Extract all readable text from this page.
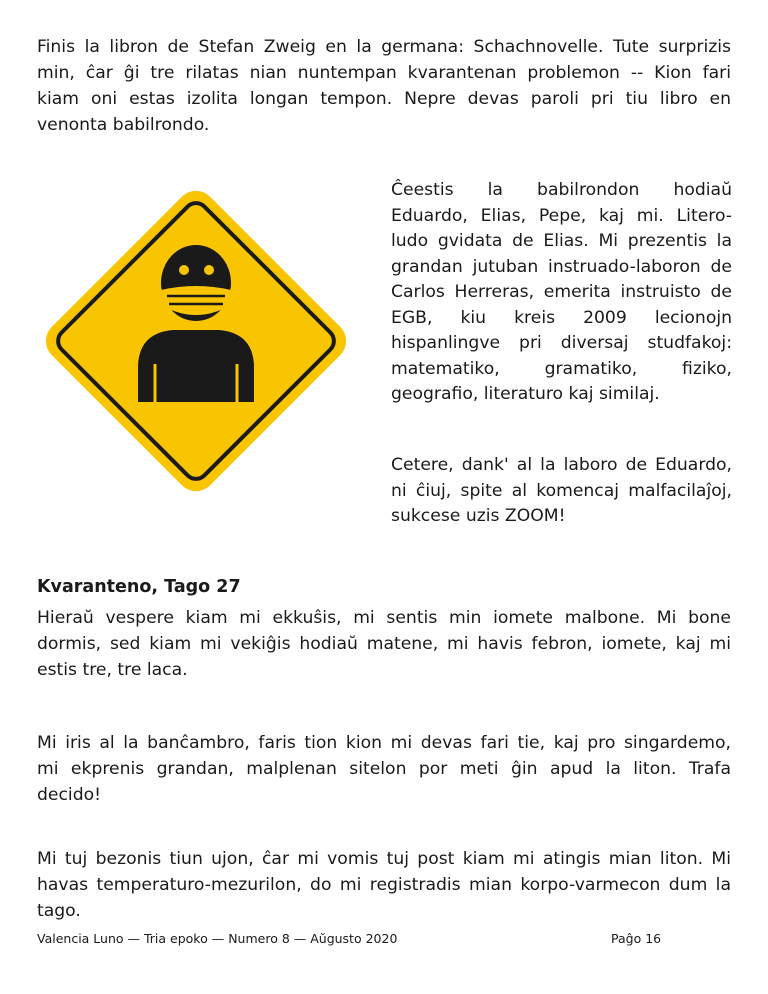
Finis la libron de Stefan Zweig en la germana: Schachnovelle. Tute surprizis
min, ĉar ĝi tre rilatas nian nuntempan kvarantenan problemon -- Kion fari
kiam oni estas izolita longan tempon. Nepre devas paroli pri tiu libro en
venonta babilrondo.
Ĉeestis la babilrondon hodiaŭ
Eduardo, Elias, Pepe, kaj mi. Litero-
ludo gvidata de Elias. Mi prezentis la
grandan jutuban instruado-laboron de
Carlos Herreras, emerita instruisto de
EGB, kiu kreis 2009 lecionojn
hispanlingve pri diversaj studfakoj:
matematiko, gramatiko, fiziko,
geografio, literaturo kaj similaj.
Cetere, dank' al la laboro de Eduardo,
ni ĉiuj, spite al komencaj malfacilaĵoj,
sukcese uzis ZOOM!
Kvaranteno, Tago 27
Hieraŭ vespere kiam mi ekkuŝis, mi sentis min iomete malbone. Mi bone
dormis, sed kiam mi vekiĝis hodiaŭ matene, mi havis febron, iomete, kaj mi
estis tre, tre laca.
Mi iris al la banĉambro, faris tion kion mi devas fari tie, kaj pro singardemo,
mi ekprenis grandan, malplenan sitelon por meti ĝin apud la liton. Trafa
decido!
Mi tuj bezonis tiun ujon, ĉar mi vomis tuj post kiam mi atingis mian liton. Mi
havas temperaturo-mezurilon, do mi registradis mian korpo-varmecon dum la
tago.
Valencia Luno — Tria epoko — Numero 8 — Aŭgusto 2020	Paĝo 16
